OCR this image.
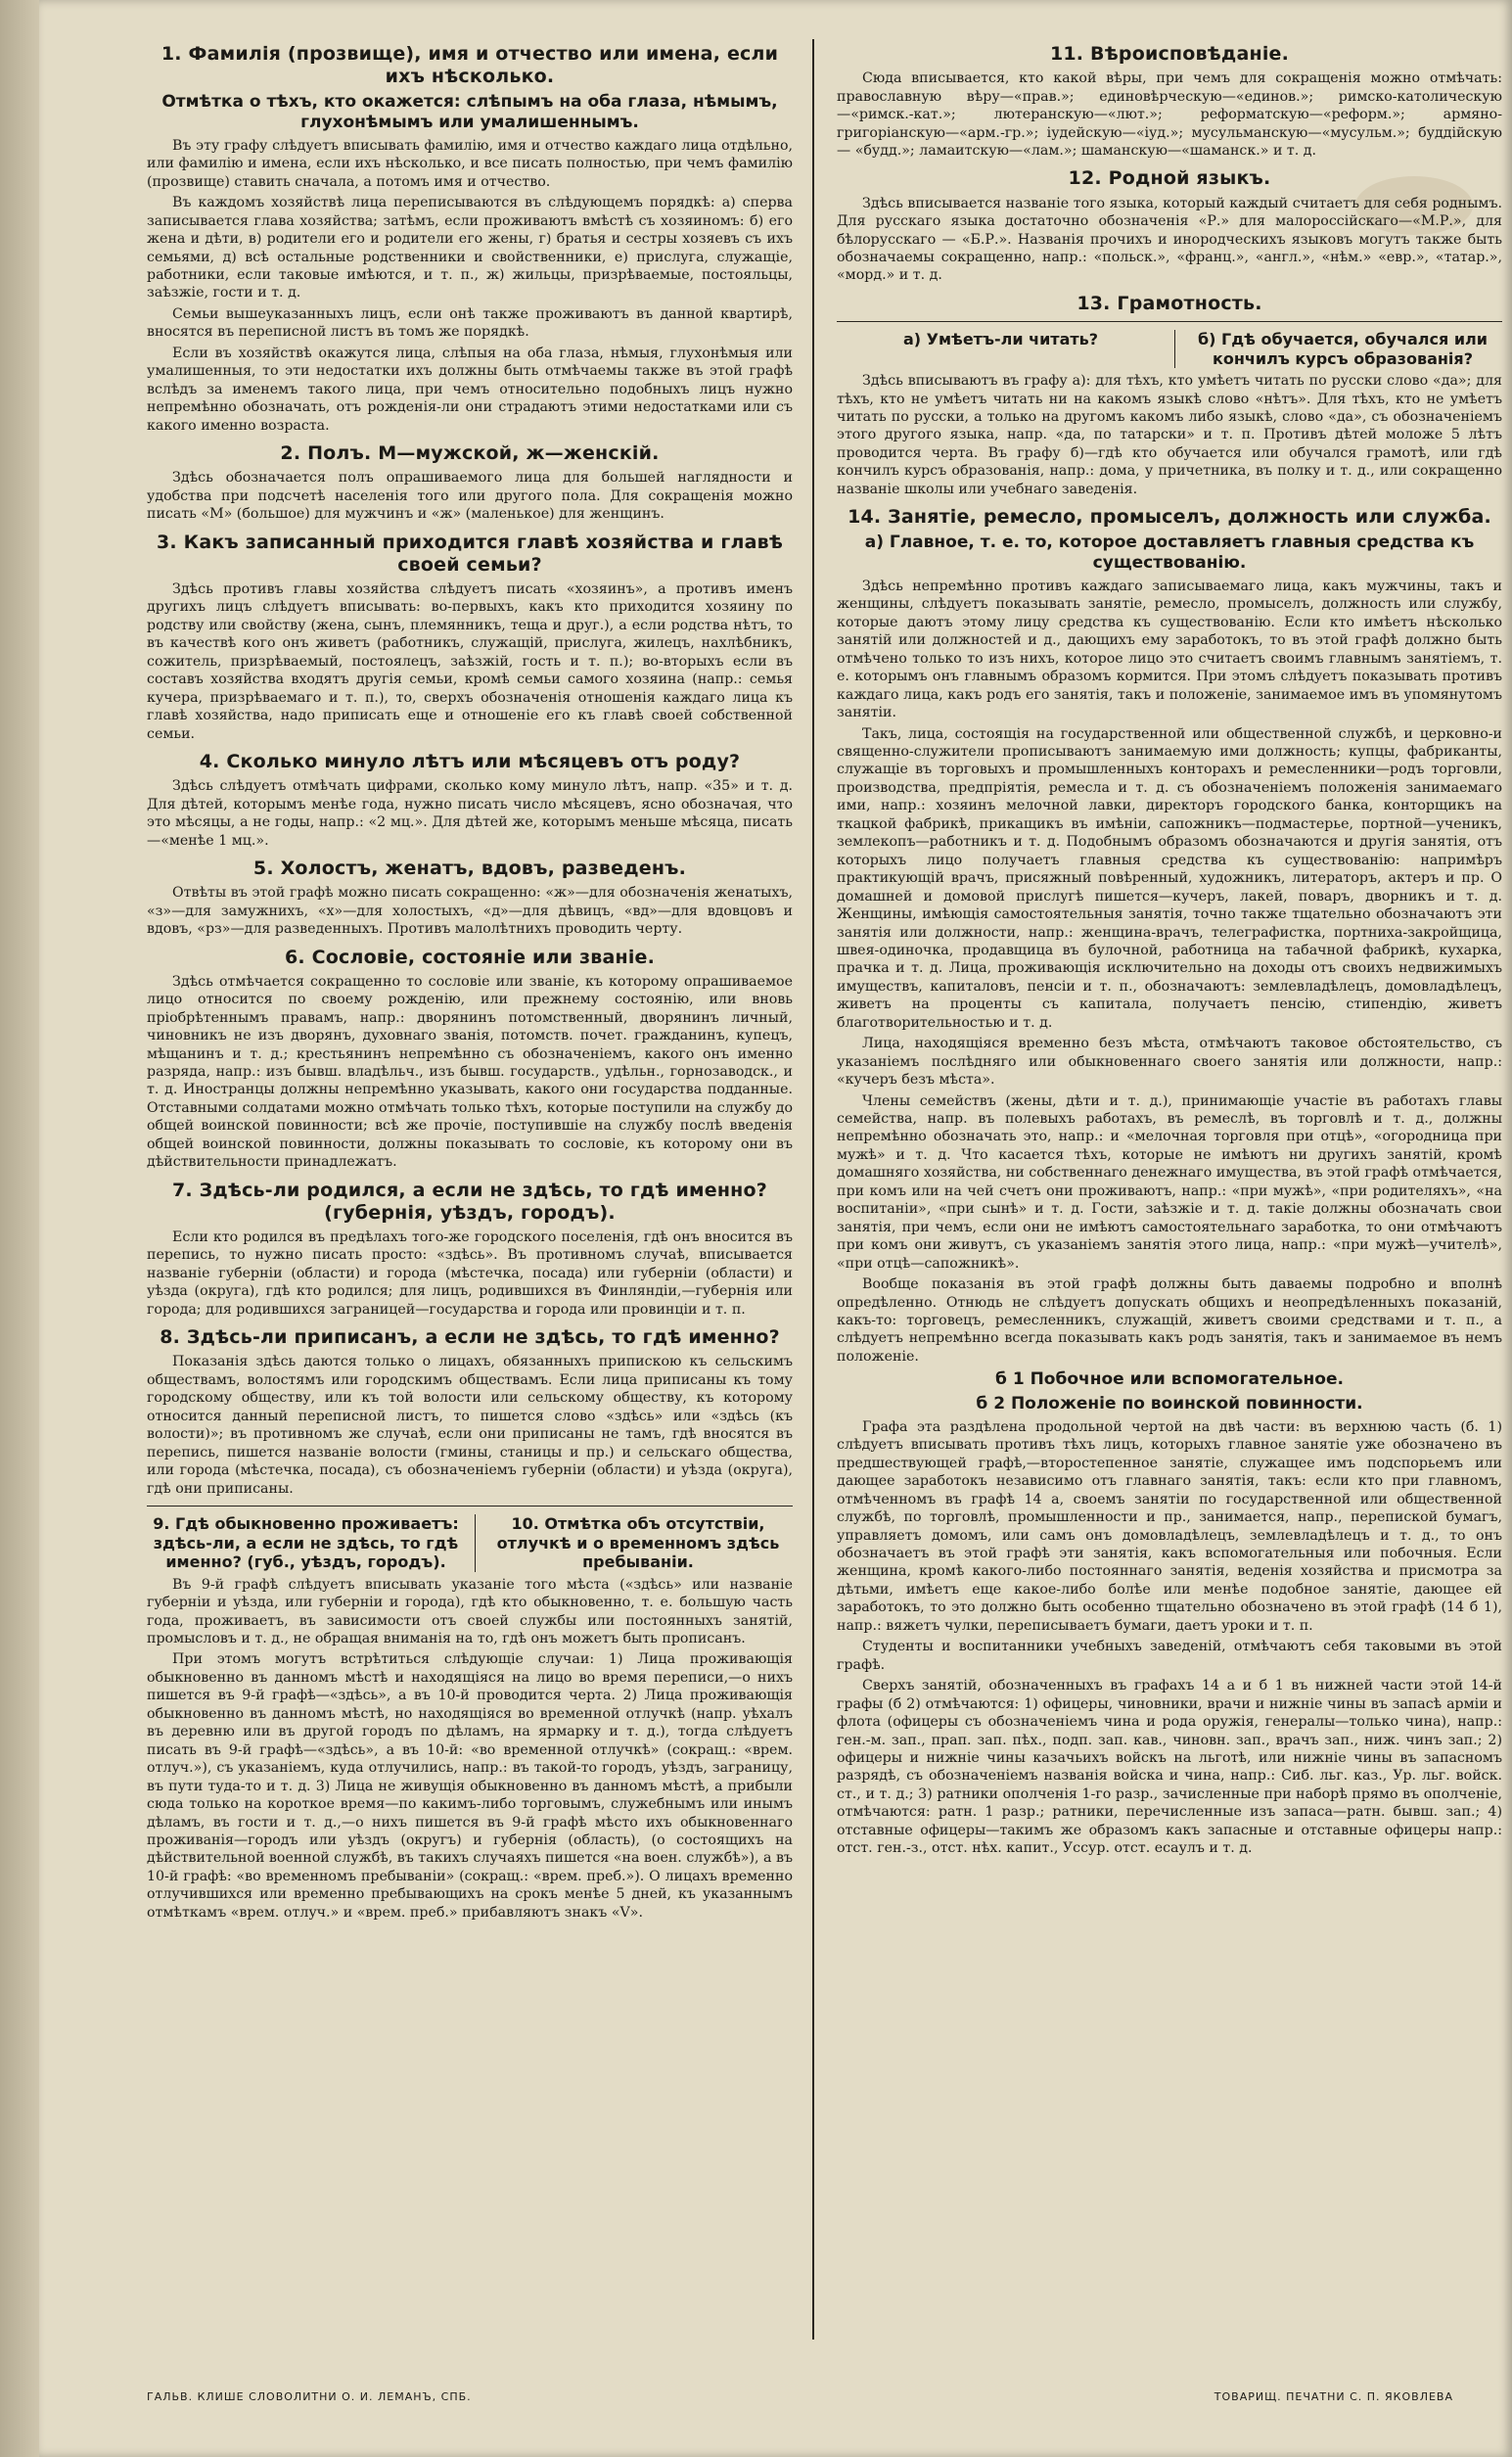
1. Фамилія (прозвище), имя и отчество или имена, если ихъ нѣсколько.
Отмѣтка о тѣхъ, кто окажется: слѣпымъ на оба глаза, нѣмымъ, глухонѣмымъ или умалишеннымъ.

Въ эту графу слѣдуетъ вписывать фамилію, имя и отчество каждаго лица отдѣльно, или фамилію и имена, если ихъ нѣсколько, и все писать полностью, при чемъ фамилію (прозвище) ставить сначала, а потомъ имя и отчество.

Въ каждомъ хозяйствѣ лица переписываются въ слѣдующемъ порядкѣ: а) сперва записывается глава хозяйства; затѣмъ, если проживаютъ вмѣстѣ съ хозяиномъ: б) его жена и дѣти, в) родители его и родители его жены, г) братья и сестры хозяевъ съ ихъ семьями, д) всѣ остальные родственники и свойственники, е) прислуга, служащіе, работники, если таковые имѣются, и т. п., ж) жильцы, призрѣваемые, постояльцы, заѣзжіе, гости и т. д.

Семьи вышеуказанныхъ лицъ, если онѣ также проживаютъ въ данной квартирѣ, вносятся въ переписной листъ въ томъ же порядкѣ.

Если въ хозяйствѣ окажутся лица, слѣпыя на оба глаза, нѣмыя, глухонѣмыя или умалишенныя, то эти недостатки ихъ должны быть отмѣчаемы также въ этой графѣ вслѣдъ за именемъ такого лица, при чемъ относительно подобныхъ лицъ нужно непремѣнно обозначать, отъ рожденія-ли они страдаютъ этими недостатками или съ какого именно возраста.

2. Полъ. М—мужской, ж—женскій.

Здѣсь обозначается полъ опрашиваемого лица для большей наглядности и удобства при подсчетѣ населенія того или другого пола. Для сокращенія можно писать «М» (большое) для мужчинъ и «ж» (маленькое) для женщинъ.

3. Какъ записанный приходится главѣ хозяйства и главѣ своей семьи?

Здѣсь противъ главы хозяйства слѣдуетъ писать «хозяинъ», а противъ именъ другихъ лицъ слѣдуетъ вписывать: во-первыхъ, какъ кто приходится хозяину по родству или свойству (жена, сынъ, племянникъ, теща и друг.), а если родства нѣтъ, то въ качествѣ кого онъ живетъ (работникъ, служащій, прислуга, жилецъ, нахлѣбникъ, сожитель, призрѣваемый, постоялецъ, заѣзжій, гость и т. п.); во-вторыхъ если въ составъ хозяйства входятъ другія семьи, кромѣ семьи самого хозяина (напр.: семья кучера, призрѣваемаго и т. п.), то, сверхъ обозначенія отношенія каждаго лица къ главѣ хозяйства, надо приписать еще и отношеніе его къ главѣ своей собственной семьи.

4. Сколько минуло лѣтъ или мѣсяцевъ отъ роду?

Здѣсь слѣдуетъ отмѣчать цифрами, сколько кому минуло лѣтъ, напр. «35» и т. д. Для дѣтей, которымъ менѣе года, нужно писать число мѣсяцевъ, ясно обозначая, что это мѣсяцы, а не годы, напр.: «2 мц.». Для дѣтей же, которымъ меньше мѣсяца, писать—«менѣе 1 мц.».

5. Холостъ, женатъ, вдовъ, разведенъ.

Отвѣты въ этой графѣ можно писать сокращенно: «ж»—для обозначенія женатыхъ, «з»—для замужнихъ, «х»—для холостыхъ, «д»—для дѣвицъ, «вд»—для вдовцовъ и вдовъ, «рз»—для разведенныхъ. Противъ малолѣтнихъ проводить черту.

6. Сословіе, состояніе или званіе.

Здѣсь отмѣчается сокращенно то сословіе или званіе, къ которому опрашиваемое лицо относится по своему рожденію, или прежнему состоянію, или вновь пріобрѣтеннымъ правамъ, напр.: дворянинъ потомственный, дворянинъ личный, чиновникъ не изъ дворянъ, духовнаго званія, потомств. почет. гражданинъ, купецъ, мѣщанинъ и т. д.; крестьянинъ непремѣнно съ обозначеніемъ, какого онъ именно разряда, напр.: изъ бывш. владѣльч., изъ бывш. государств., удѣльн., горнозаводск., и т. д. Иностранцы должны непремѣнно указывать, какого они государства подданные. Отставными солдатами можно отмѣчать только тѣхъ, которые поступили на службу до общей воинской повинности; всѣ же прочіе, поступившіе на службу послѣ введенія общей воинской повинности, должны показывать то сословіе, къ которому они въ дѣйствительности принадлежатъ.

7. Здѣсь-ли родился, а если не здѣсь, то гдѣ именно? (губернія, уѣздъ, городъ).

Если кто родился въ предѣлахъ того-же городского поселенія, гдѣ онъ вносится въ перепись, то нужно писать просто: «здѣсь». Въ противномъ случаѣ, вписывается названіе губерніи (области) и города (мѣстечка, посада) или губерніи (области) и уѣзда (округа), гдѣ кто родился; для лицъ, родившихся въ Финляндіи,—губернія или города; для родившихся заграницей—государства и города или провинціи и т. п.

8. Здѣсь-ли приписанъ, а если не здѣсь, то гдѣ именно?

Показанія здѣсь даются только о лицахъ, обязанныхъ припискою къ сельскимъ обществамъ, волостямъ или городскимъ обществамъ. Если лица приписаны къ тому городскому обществу, или къ той волости или сельскому обществу, къ которому относится данный переписной листъ, то пишется слово «здѣсь» или «здѣсь (къ волости)»; въ противномъ же случаѣ, если они приписаны не тамъ, гдѣ вносятся въ перепись, пишется названіе волости (гмины, станицы и пр.) и сельскаго общества, или города (мѣстечка, посада), съ обозначеніемъ губерніи (области) и уѣзда (округа), гдѣ они приписаны.

9. Гдѣ обыкновенно проживаетъ: здѣсь-ли, а если не здѣсь, то гдѣ именно? (губ., уѣздъ, городъ).
10. Отмѣтка объ отсутствіи, отлучкѣ и о временномъ здѣсь пребываніи.

Въ 9-й графѣ слѣдуетъ вписывать указаніе того мѣста («здѣсь» или названіе губерніи и уѣзда, или губерніи и города), гдѣ кто обыкновенно, т. е. большую часть года, проживаетъ, въ зависимости отъ своей службы или постоянныхъ занятій, промысловъ и т. д., не обращая вниманія на то, гдѣ онъ можетъ быть прописанъ.

При этомъ могутъ встрѣтиться слѣдующіе случаи: 1) Лица проживающія обыкновенно въ данномъ мѣстѣ и находящіяся на лицо во время переписи,—о нихъ пишется въ 9-й графѣ—«здѣсь», а въ 10-й проводится черта. 2) Лица проживающія обыкновенно въ данномъ мѣстѣ, но находящіяся во временной отлучкѣ (напр. уѣхалъ въ деревню или въ другой городъ по дѣламъ, на ярмарку и т. д.), тогда слѣдуетъ писать въ 9-й графѣ—«здѣсь», а въ 10-й: «во временной отлучкѣ» (сокращ.: «врем. отлуч.»), съ указаніемъ, куда отлучились, напр.: въ такой-то городъ, уѣздъ, заграницу, въ пути туда-то и т. д. 3) Лица не живущія обыкновенно въ данномъ мѣстѣ, а прибыли сюда только на короткое время—по какимъ-либо торговымъ, служебнымъ или инымъ дѣламъ, въ гости и т. д.,—о нихъ пишется въ 9-й графѣ мѣсто ихъ обыкновеннаго проживанія—городъ или уѣздъ (округъ) и губернія (область), (о состоящихъ на дѣйствительной военной службѣ, въ такихъ случаяхъ пишется «на воен. службѣ»), а въ 10-й графѣ: «во временномъ пребываніи» (сокращ.: «врем. преб.»). О лицахъ временно отлучившихся или временно пребывающихъ на срокъ менѣе 5 дней, къ указаннымъ отмѣткамъ «врем. отлуч.» и «врем. преб.» прибавляютъ знакъ «V».

11. Вѣроисповѣданіе.

Сюда вписывается, кто какой вѣры, при чемъ для сокращенія можно отмѣчать: православную вѣру—«прав.»; единовѣрческую—«единов.»; римско-католическую—«римск.-кат.»; лютеранскую—«лют.»; реформатскую—«реформ.»; армяно-григоріанскую—«арм.-гр.»; іудейскую—«іуд.»; мусульманскую—«мусульм.»; буддійскую — «будд.»; ламаитскую—«лам.»; шаманскую—«шаманск.» и т. д.

12. Родной языкъ.

Здѣсь вписывается названіе того языка, который каждый считаетъ для себя роднымъ. Для русскаго языка достаточно обозначенія «Р.» для малороссійскаго—«М.Р.», для бѣлорусскаго — «Б.Р.». Названія прочихъ и инородческихъ языковъ могутъ также быть обозначаемы сокращенно, напр.: «польск.», «франц.», «англ.», «нѣм.» «евр.», «татар.», «морд.» и т. д.

13. Грамотность.
а) Умѣетъ-ли читать?	б) Гдѣ обучается, обучался или кончилъ курсъ образованія?

Здѣсь вписываютъ въ графу а): для тѣхъ, кто умѣетъ читать по русски слово «да»; для тѣхъ, кто не умѣетъ читать ни на какомъ языкѣ слово «нѣтъ». Для тѣхъ, кто не умѣетъ читать по русски, а только на другомъ какомъ либо языкѣ, слово «да», съ обозначеніемъ этого другого языка, напр. «да, по татарски» и т. п. Противъ дѣтей моложе 5 лѣтъ проводится черта. Въ графу б)—гдѣ кто обучается или обучался грамотѣ, или гдѣ кончилъ курсъ образованія, напр.: дома, у причетника, въ полку и т. д., или сокращенно названіе школы или учебнаго заведенія.

14. Занятіе, ремесло, промыселъ, должность или служба.
а) Главное, т. е. то, которое доставляетъ главныя средства къ существованію.

Здѣсь непремѣнно противъ каждаго записываемаго лица, какъ мужчины, такъ и женщины, слѣдуетъ показывать занятіе, ремесло, промыселъ, должность или службу, которые даютъ этому лицу средства къ существованію. Если кто имѣетъ нѣсколько занятій или должностей и д., дающихъ ему заработокъ, то въ этой графѣ должно быть отмѣчено только то изъ нихъ, которое лицо это считаетъ своимъ главнымъ занятіемъ, т. е. которымъ онъ главнымъ образомъ кормится. При этомъ слѣдуетъ показывать противъ каждаго лица, какъ родъ его занятія, такъ и положеніе, занимаемое имъ въ упомянутомъ занятіи.

Такъ, лица, состоящія на государственной или общественной службѣ, и церковно-и священно-служители прописываютъ занимаемую ими должность; купцы, фабриканты, служащіе въ торговыхъ и промышленныхъ конторахъ и ремесленники—родъ торговли, производства, предпріятія, ремесла и т. д. съ обозначеніемъ положенія занимаемаго ими, напр.: хозяинъ мелочной лавки, директоръ городского банка, конторщикъ на ткацкой фабрикѣ, прикащикъ въ имѣніи, сапожникъ—подмастерье, портной—ученикъ, землекопъ—работникъ и т. д. Подобнымъ образомъ обозначаются и другія занятія, отъ которыхъ лицо получаетъ главныя средства къ существованію: напримѣръ практикующій врачъ, присяжный повѣренный, художникъ, литераторъ, актеръ и пр. О домашней и домовой прислугѣ пишется—кучеръ, лакей, поваръ, дворникъ и т. д. Женщины, имѣющія самостоятельныя занятія, точно также тщательно обозначаютъ эти занятія или должности, напр.: женщина-врачъ, телеграфистка, портниха-закройщица, швея-одиночка, продавщица въ булочной, работница на табачной фабрикѣ, кухарка, прачка и т. д. Лица, проживающія исключительно на доходы отъ своихъ недвижимыхъ имуществъ, капиталовъ, пенсіи и т. п., обозначаютъ: землевладѣлецъ, домовладѣлецъ, живетъ на проценты съ капитала, получаетъ пенсію, стипендію, живетъ благотворительностью и т. д.

Лица, находящіяся временно безъ мѣста, отмѣчаютъ таковое обстоятельство, съ указаніемъ послѣдняго или обыкновеннаго своего занятія или должности, напр.: «кучеръ безъ мѣста».

Члены семействъ (жены, дѣти и т. д.), принимающіе участіе въ работахъ главы семейства, напр. въ полевыхъ работахъ, въ ремеслѣ, въ торговлѣ и т. д., должны непремѣнно обозначать это, напр.: и «мелочная торговля при отцѣ», «огородница при мужѣ» и т. д. Что касается тѣхъ, которые не имѣютъ ни другихъ занятій, кромѣ домашняго хозяйства, ни собственнаго денежнаго имущества, въ этой графѣ отмѣчается, при комъ или на чей счетъ они проживаютъ, напр.: «при мужѣ», «при родителяхъ», «на воспитаніи», «при сынѣ» и т. д. Гости, заѣзжіе и т. д. такіе должны обозначать свои занятія, при чемъ, если они не имѣютъ самостоятельнаго заработка, то они отмѣчаютъ при комъ они живутъ, съ указаніемъ занятія этого лица, напр.: «при мужѣ—учителѣ», «при отцѣ—сапожникѣ».

Вообще показанія въ этой графѣ должны быть даваемы подробно и вполнѣ опредѣленно. Отнюдь не слѣдуетъ допускать общихъ и неопредѣленныхъ показаній, какъ-то: торговецъ, ремесленникъ, служащій, живетъ своими средствами и т. п., а слѣдуетъ непремѣнно всегда показывать какъ родъ занятія, такъ и занимаемое въ немъ положеніе.

б 1 Побочное или вспомогательное.
б 2 Положеніе по воинской повинности.

Графа эта раздѣлена продольной чертой на двѣ части: въ верхнюю часть (б. 1) слѣдуетъ вписывать противъ тѣхъ лицъ, которыхъ главное занятіе уже обозначено въ предшествующей графѣ,—второстепенное занятіе, служащее имъ подспорьемъ или дающее заработокъ независимо отъ главнаго занятія, такъ: если кто при главномъ, отмѣченномъ въ графѣ 14 а, своемъ занятіи по государственной или общественной службѣ, по торговлѣ, промышленности и пр., занимается, напр., перепиской бумагъ, управляетъ домомъ, или самъ онъ домовладѣлецъ, землевладѣлецъ и т. д., то онъ обозначаетъ въ этой графѣ эти занятія, какъ вспомогательныя или побочныя. Если женщина, кромѣ какого-либо постояннаго занятія, веденія хозяйства и присмотра за дѣтьми, имѣетъ еще какое-либо болѣе или менѣе подобное занятіе, дающее ей заработокъ, то это должно быть особенно тщательно обозначено въ этой графѣ (14 б 1), напр.: вяжетъ чулки, переписываетъ бумаги, даетъ уроки и т. п.

Студенты и воспитанники учебныхъ заведеній, отмѣчаютъ себя таковыми въ этой графѣ.

Сверхъ занятій, обозначенныхъ въ графахъ 14 а и б 1 въ нижней части этой 14-й графы (б 2) отмѣчаются: 1) офицеры, чиновники, врачи и нижніе чины въ запасѣ арміи и флота (офицеры съ обозначеніемъ чина и рода оружія, генералы—только чина), напр.: ген.-м. зап., прап. зап. пѣх., подп. зап. кав., чиновн. зап., врачъ зап., ниж. чинъ зап.; 2) офицеры и нижніе чины казачьихъ войскъ на льготѣ, или нижніе чины въ запасномъ разрядѣ, съ обозначеніемъ названія войска и чина, напр.: Сиб. льг. каз., Ур. льг. войск. ст., и т. д.; 3) ратники ополченія 1-го разр., зачисленные при наборѣ прямо въ ополченіе, отмѣчаются: ратн. 1 разр.; ратники, перечисленные изъ запаса—ратн. бывш. зап.; 4) отставные офицеры—такимъ же образомъ какъ запасные и отставные офицеры напр.: отст. ген.-з., отст. нѣх. капит., Уссур. отст. есаулъ и т. д.

ГАЛЬВ. КЛИШЕ СЛОВОЛИТНИ О. И. ЛЕМАНЪ, СПБ.	ТОВАРИЩ. ПЕЧАТНИ С. П. ЯКОВЛЕВА
